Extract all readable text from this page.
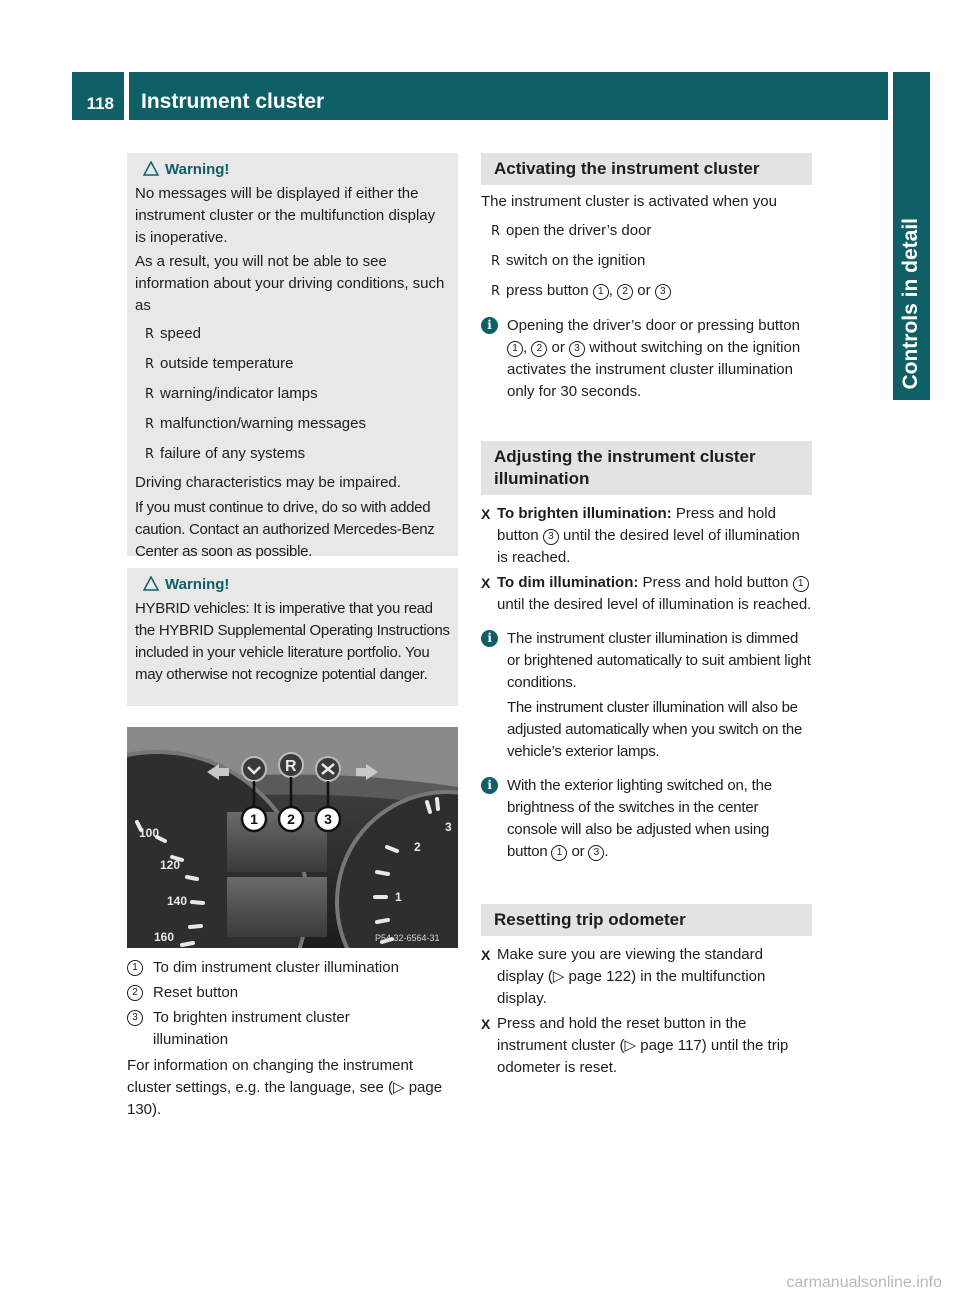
118 Instrument cluster
Controls in detail

Warning!

No messages will be displayed if either the instrument cluster or the multifunction display is inoperative.

As a result, you will not be able to see information about your driving conditions, such as

R speed

R outside temperature

R warning/indicator lamps

R malfunction/warning messages

R failure of any systems

Driving characteristics may be impaired.

If you must continue to drive, do so with added caution. Contact an authorized Mercedes-Benz Center as soon as possible.

Warning!

HYBRID vehicles: It is imperative that you read the HYBRID Supplemental Operating Instructions included in your vehicle literature portfolio. You may otherwise not recognize potential danger.

100
120
140
160
3
2
1
R
1 2 3
P54.32-6564-31

1	To dim instrument cluster illumination

2	Reset button

3	To brighten instrument cluster illumination

For information on changing the instrument cluster settings, e.g. the language, see (▷ page 130).

Activating the instrument cluster

The instrument cluster is activated when you

R open the driver’s door

R switch on the ignition

R press button 1 , 2 or 3

i	Opening the driver’s door or pressing button 1 , 2 or 3 without switching on the ignition activates the instrument cluster illumination only for 30 seconds.

Adjusting the instrument cluster illumination

X To brighten illumination: Press and hold button 3 until the desired level of illumination is reached.

X To dim illumination: Press and hold button 1 until the desired level of illumination is reached.

i	The instrument cluster illumination is dimmed or brightened automatically to suit ambient light conditions.

The instrument cluster illumination will also be adjusted automatically when you switch on the vehicle’s exterior lamps.

i	With the exterior lighting switched on, the brightness of the switches in the center console will also be adjusted when using button 1 or 3 .

Resetting trip odometer

X Make sure you are viewing the standard display (▷ page 122) in the multifunction display.

X Press and hold the reset button in the instrument cluster (▷ page 117) until the trip odometer is reset.

carmanualsonline.info
